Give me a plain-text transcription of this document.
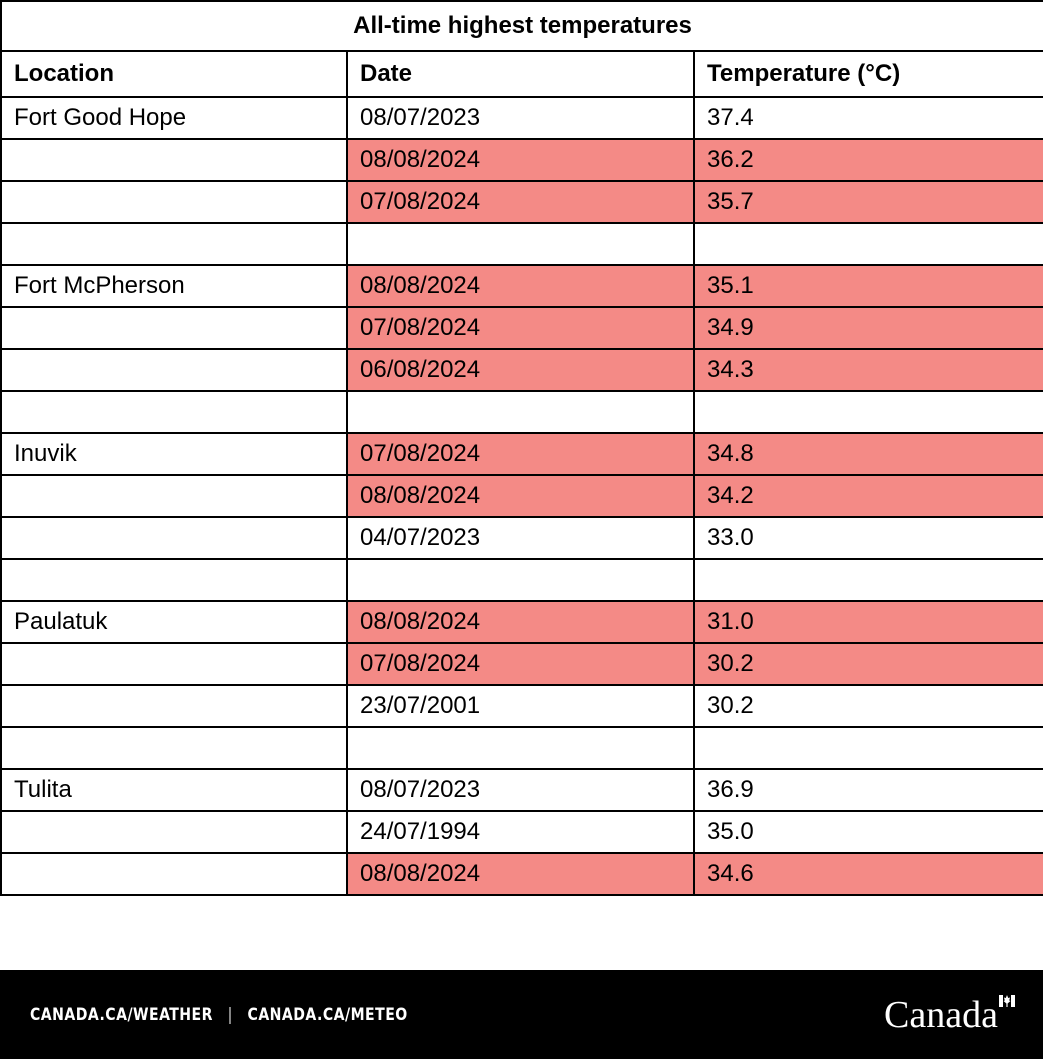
All-time highest temperatures		
Location	Date	Temperature (°C)
Fort Good Hope	08/07/2023	37.4
	08/08/2024	36.2
	07/08/2024	35.7

Fort McPherson	08/08/2024	35.1
	07/08/2024	34.9
	06/08/2024	34.3

Inuvik	07/08/2024	34.8
	08/08/2024	34.2
	04/07/2023	33.0

Paulatuk	08/08/2024	31.0
	07/08/2024	30.2
	23/07/2001	30.2

Tulita	08/07/2023	36.9
	24/07/1994	35.0
	08/08/2024	34.6
CANADA.CA/WEATHER | CANADA.CA/METEO	Canada
